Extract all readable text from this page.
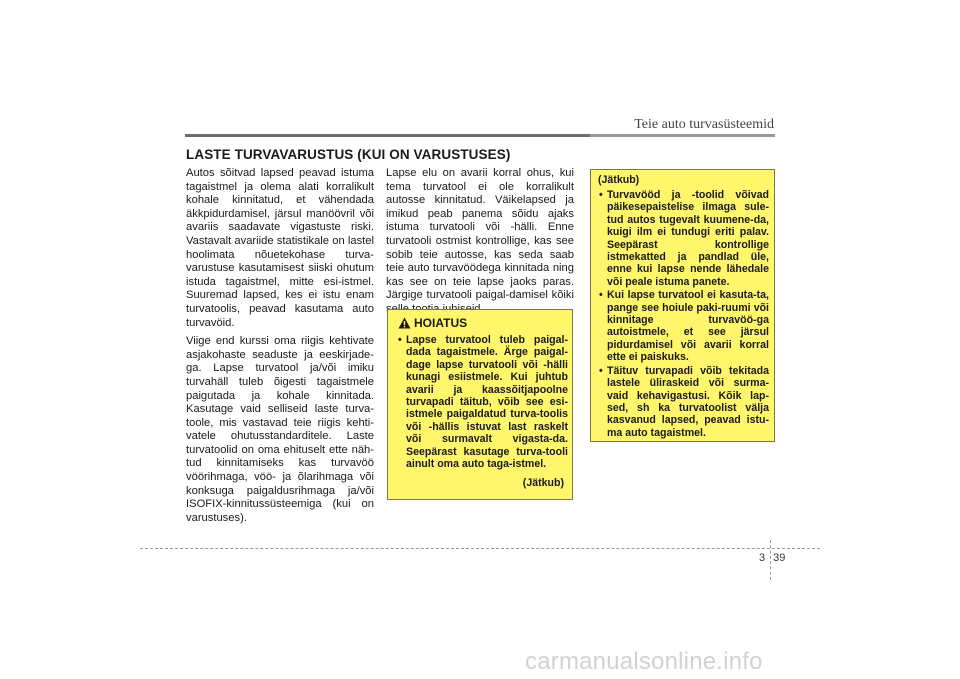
Teie auto turvasüsteemid
LASTE TURVAVARUSTUS (KUI ON VARUSTUSES)

Autos sõitvad lapsed peavad istuma tagaistmel ja olema alati korralikult kohale kinnitatud, et vähendada äkkpidurdamisel, järsul manöövril või avariis saadavate vigastuste riski. Vastavalt avariide statistikale on lastel hoolimata nõuetekohase turva-varustuse kasutamisest siiski ohutum istuda tagaistmel, mitte esi-istmel. Suuremad lapsed, kes ei istu enam turvatoolis, peavad kasutama auto turvavöid.

Viige end kurssi oma riigis kehtivate asjakohaste seaduste ja eeskirjade-ga. Lapse turvatool ja/või imiku turvahäll tuleb õigesti tagaistmele paigutada ja kohale kinnitada. Kasutage vaid selliseid laste turva-toole, mis vastavad teie riigis kehti-vatele ohutusstandarditele. Laste turvatoolid on oma ehituselt ette näh-tud kinnitamiseks kas turvavöö vöörihmaga, vöö- ja õlarihmaga või konksuga paigaldusrihmaga ja/või ISOFIX-kinnitussüsteemiga (kui on varustuses).

Lapse elu on avarii korral ohus, kui tema turvatool ei ole korralikult autosse kinnitatud. Väikelapsed ja imikud peab panema sõidu ajaks istuma turvatooli või -hälli. Enne turvatooli ostmist kontrollige, kas see sobib teie autosse, kas seda saab teie auto turvavöödega kinnitada ning kas see on teie lapse jaoks paras. Järgige turvatooli paigal-damisel kõiki

HOIATUS
• Lapse turvatool tuleb paigal-dada tagaistmele. Ärge paigal-dage lapse turvatooli või -hälli kunagi esiistmele. Kui juhtub avarii ja kaassõitjapoolne turvapadi täitub, võib see esi-istmele paigaldatud turva-toolis või -hällis istuvat last raskelt või surmavalt vigasta-da. Seepärast kasutage turva-tooli ainult oma auto taga-istmel.
(Jätkub)
(Jätkub)
• Turvavööd ja -toolid võivad päikesepaistelise ilmaga sule-tud autos tugevalt kuumene-da, kuigi ilm ei tundugi eriti palav. Seepärast kontrollige istmekatted ja pandlad üle, enne kui lapse nende lähedale või peale istuma panete.
• Kui lapse turvatool ei kasuta-ta, pange see hoiule paki-ruumi või kinnitage turvavöö-ga autoistmele, et see järsul pidurdamisel või avarii korral ette ei paiskuks.
• Täituv turvapadi võib tekitada lastele üliraskeid või surma-vaid kehavigastusi. Kõik lap-sed, sh ka turvatoolist välja kasvanud lapsed, peavad istu-ma auto tagaistmel.
3 39
carmanualsonline.info
